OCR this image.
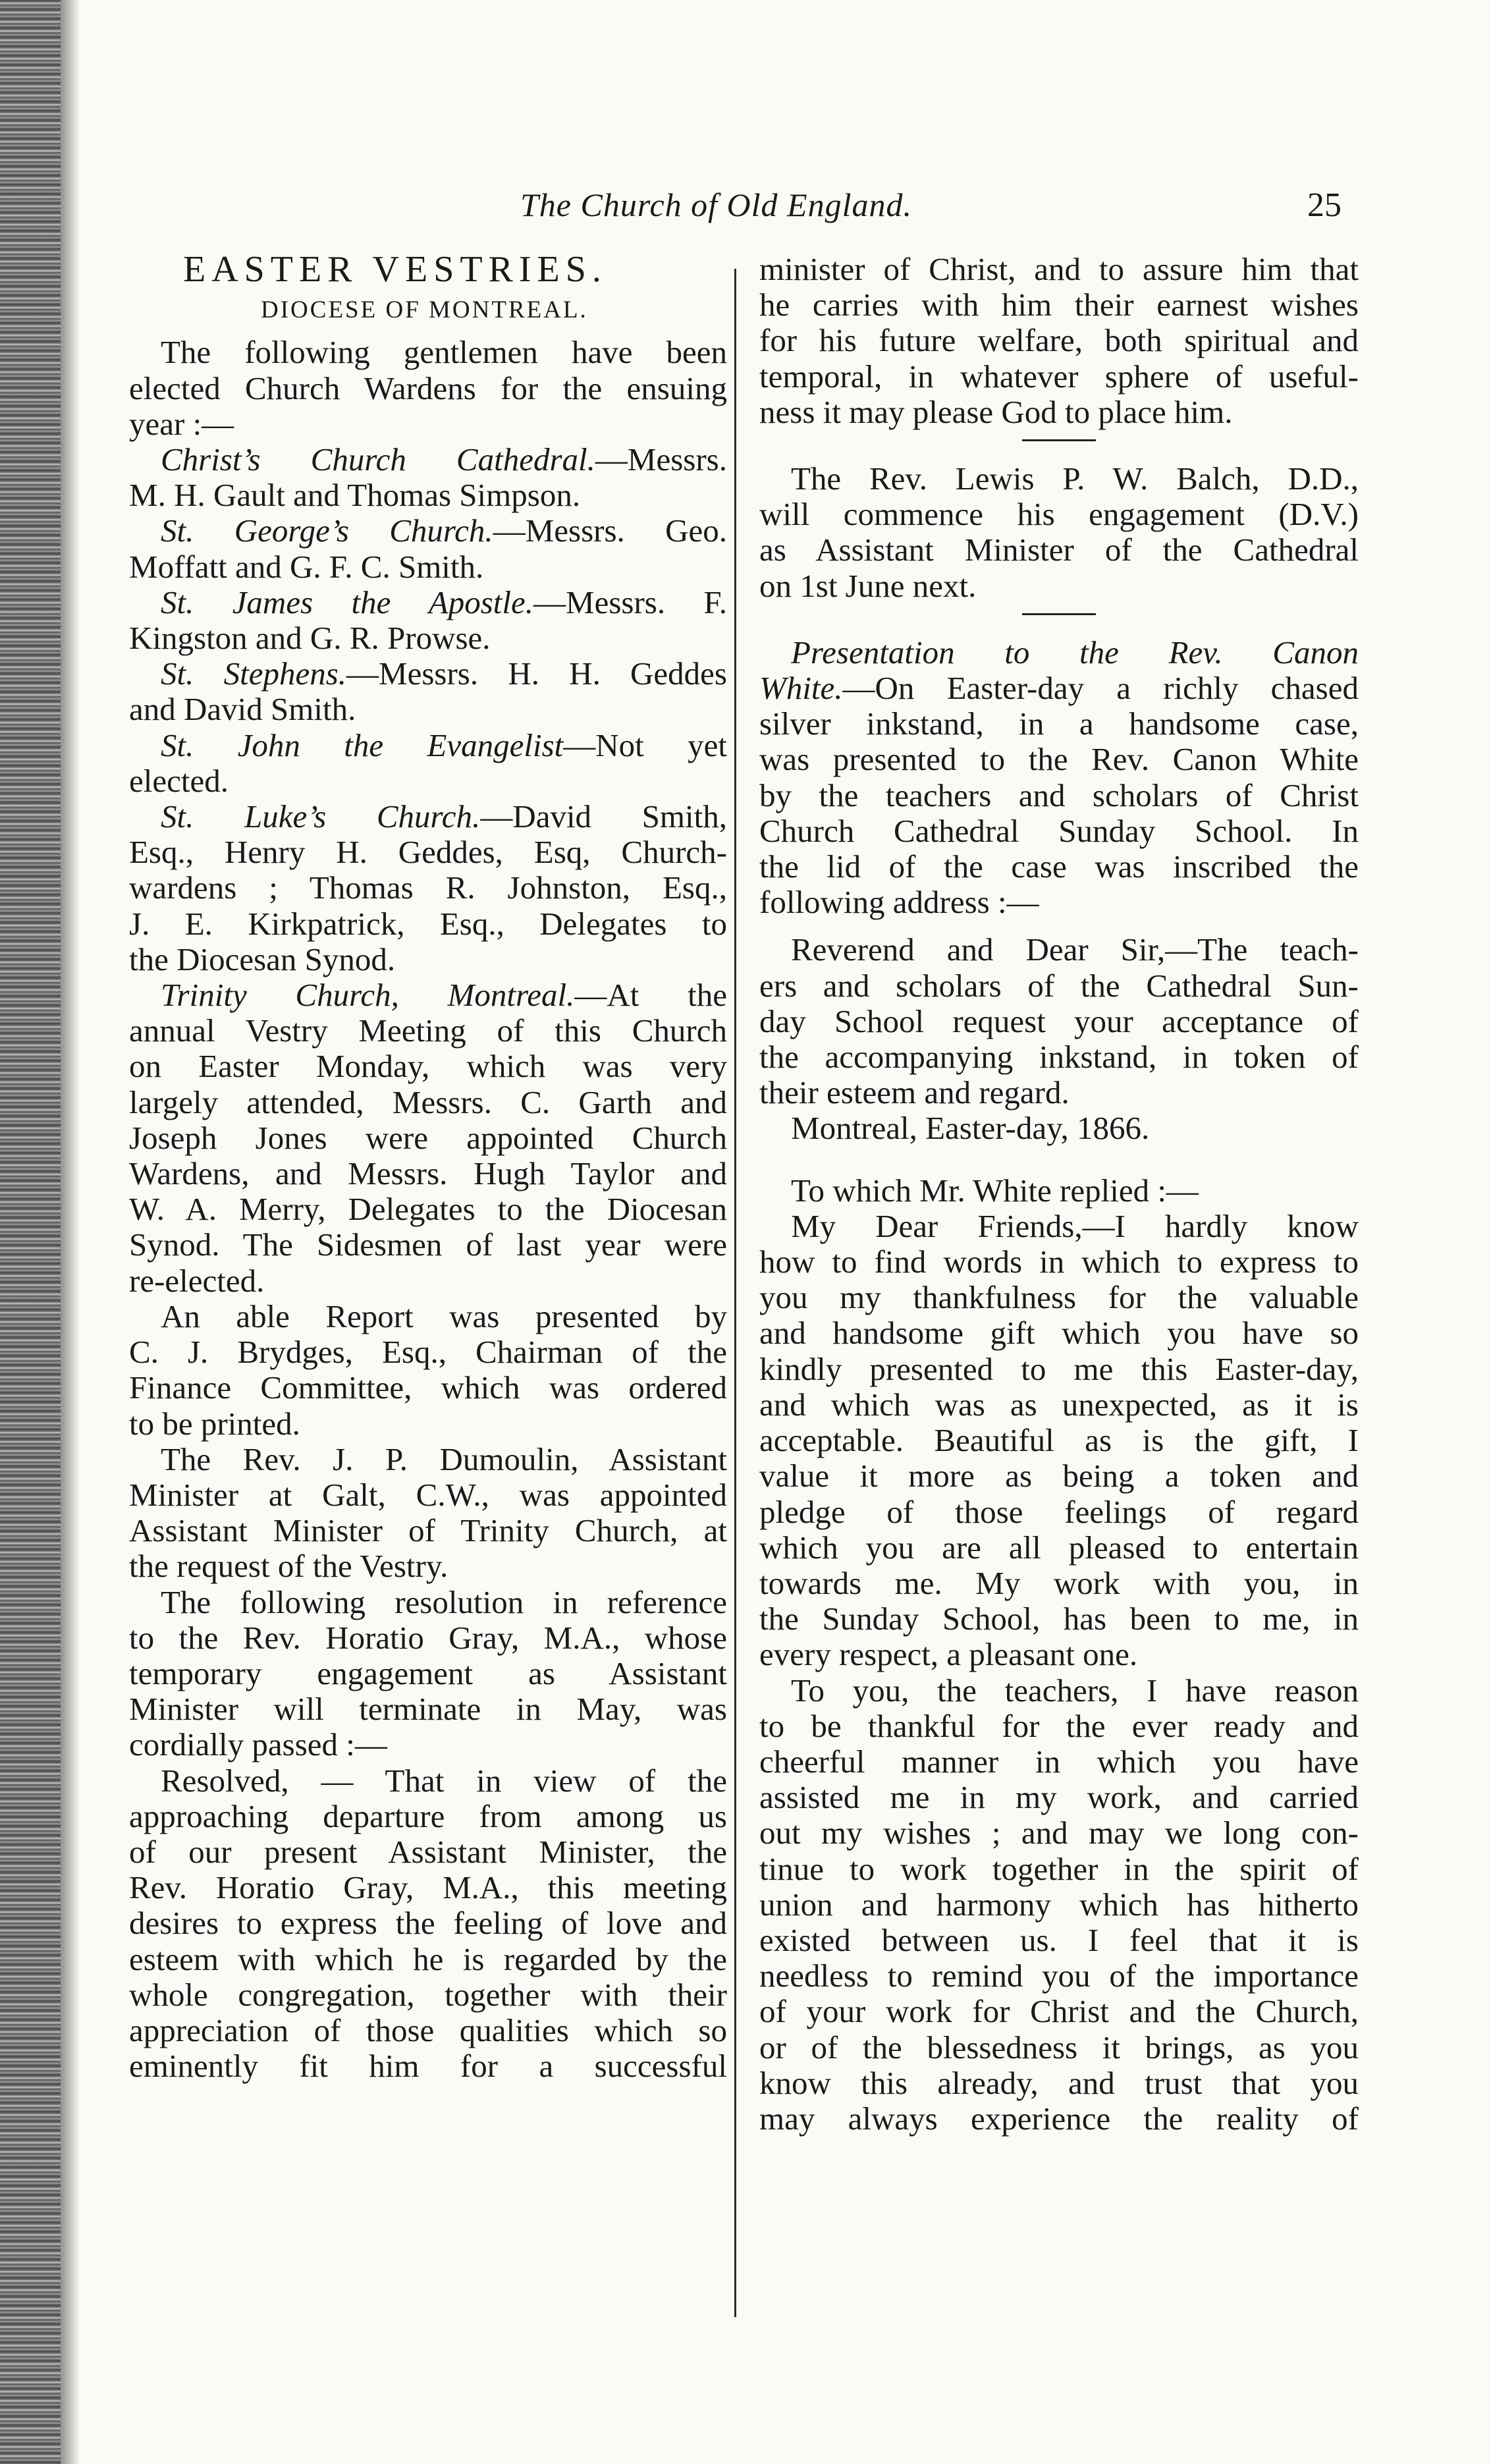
The Church of Old England.	25
EASTER VESTRIES.
DIOCESE OF MONTREAL.
The following gentlemen have been
elected Church Wardens for the ensuing
year :—
Christ’s Church Cathedral.—Messrs.
M. H. Gault and Thomas Simpson.
St. George’s Church.—Messrs. Geo.
Moffatt and G. F. C. Smith.
St. James the Apostle.—Messrs. F.
Kingston and G. R. Prowse.
St. Stephens.—Messrs. H. H. Geddes
and David Smith.
St. John the Evangelist—Not yet
elected.
St. Luke’s Church.—David Smith,
Esq., Henry H. Geddes, Esq, Church-
wardens ; Thomas R. Johnston, Esq.,
J. E. Kirkpatrick, Esq., Delegates to
the Diocesan Synod.
Trinity Church, Montreal.—At the
annual Vestry Meeting of this Church
on Easter Monday, which was very
largely attended, Messrs. C. Garth and
Joseph Jones were appointed Church
Wardens, and Messrs. Hugh Taylor and
W. A. Merry, Delegates to the Diocesan
Synod. The Sidesmen of last year were
re-elected.
An able Report was presented by
C. J. Brydges, Esq., Chairman of the
Finance Committee, which was ordered
to be printed.
The Rev. J. P. Dumoulin, Assistant
Minister at Galt, C.W., was appointed
Assistant Minister of Trinity Church, at
the request of the Vestry.
The following resolution in reference
to the Rev. Horatio Gray, M.A., whose
temporary engagement as Assistant
Minister will terminate in May, was
cordially passed :—
Resolved, — That in view of the
approaching departure from among us
of our present Assistant Minister, the
Rev. Horatio Gray, M.A., this meeting
desires to express the feeling of love and
esteem with which he is regarded by the
whole congregation, together with their
appreciation of those qualities which so
eminently fit him for a successful
minister of Christ, and to assure him that
he carries with him their earnest wishes
for his future welfare, both spiritual and
temporal, in whatever sphere of useful-
ness it may please God to place him.
The Rev. Lewis P. W. Balch, D.D.,
will commence his engagement (D.V.)
as Assistant Minister of the Cathedral
on 1st June next.
Presentation to the Rev. Canon
White.—On Easter-day a richly chased
silver inkstand, in a handsome case,
was presented to the Rev. Canon White
by the teachers and scholars of Christ
Church Cathedral Sunday School. In
the lid of the case was inscribed the
following address :—
Reverend and Dear Sir,—The teach-
ers and scholars of the Cathedral Sun-
day School request your acceptance of
the accompanying inkstand, in token of
their esteem and regard.
Montreal, Easter-day, 1866.
To which Mr. White replied :—
My Dear Friends,—I hardly know
how to find words in which to express to
you my thankfulness for the valuable
and handsome gift which you have so
kindly presented to me this Easter-day,
and which was as unexpected, as it is
acceptable. Beautiful as is the gift, I
value it more as being a token and
pledge of those feelings of regard
which you are all pleased to entertain
towards me. My work with you, in
the Sunday School, has been to me, in
every respect, a pleasant one.
To you, the teachers, I have reason
to be thankful for the ever ready and
cheerful manner in which you have
assisted me in my work, and carried
out my wishes ; and may we long con-
tinue to work together in the spirit of
union and harmony which has hitherto
existed between us. I feel that it is
needless to remind you of the importance
of your work for Christ and the Church,
or of the blessedness it brings, as you
know this already, and trust that you
may always experience the reality of
